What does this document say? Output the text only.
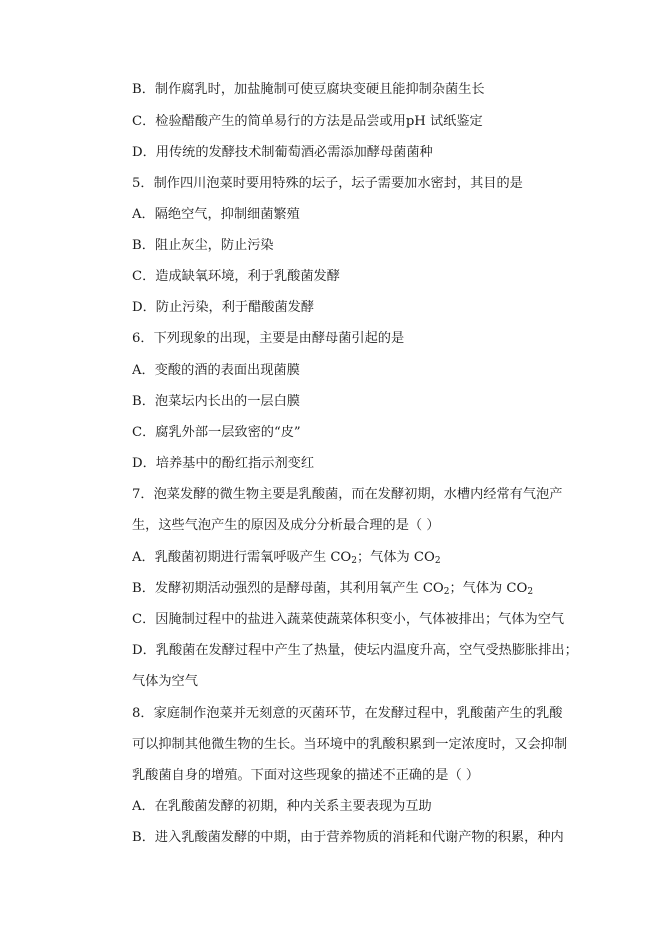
B．制作腐乳时，加盐腌制可使豆腐块变硬且能抑制杂菌生长
C．检验醋酸产生的简单易行的方法是品尝或用pH 试纸鉴定
D．用传统的发酵技术制葡萄酒必需添加酵母菌菌种
5．制作四川泡菜时要用特殊的坛子，坛子需要加水密封，其目的是
A．隔绝空气，抑制细菌繁殖
B．阻止灰尘，防止污染
C．造成缺氧环境，利于乳酸菌发酵
D．防止污染，利于醋酸菌发酵
6．下列现象的出现，主要是由酵母菌引起的是
A．变酸的酒的表面出现菌膜
B．泡菜坛内长出的一层白膜
C．腐乳外部一层致密的“皮”
D．培养基中的酚红指示剂变红
7．泡菜发酵的微生物主要是乳酸菌，而在发酵初期，水槽内经常有气泡产
生，这些气泡产生的原因及成分分析最合理的是（ ）
A．乳酸菌初期进行需氧呼吸产生 $CO_2$；气体为 $CO_2$
B．发酵初期活动强烈的是酵母菌，其利用氧产生 $CO_2$；气体为 $CO_2$
C．因腌制过程中的盐进入蔬菜使蔬菜体积变小，气体被排出；气体为空气
D．乳酸菌在发酵过程中产生了热量，使坛内温度升高，空气受热膨胀排出；
气体为空气
8．家庭制作泡菜并无刻意的灭菌环节，在发酵过程中，乳酸菌产生的乳酸
可以抑制其他微生物的生长。当环境中的乳酸积累到一定浓度时，又会抑制
乳酸菌自身的增殖。下面对这些现象的描述不正确的是（ ）
A．在乳酸菌发酵的初期，种内关系主要表现为互助
B．进入乳酸菌发酵的中期，由于营养物质的消耗和代谢产物的积累，种内
